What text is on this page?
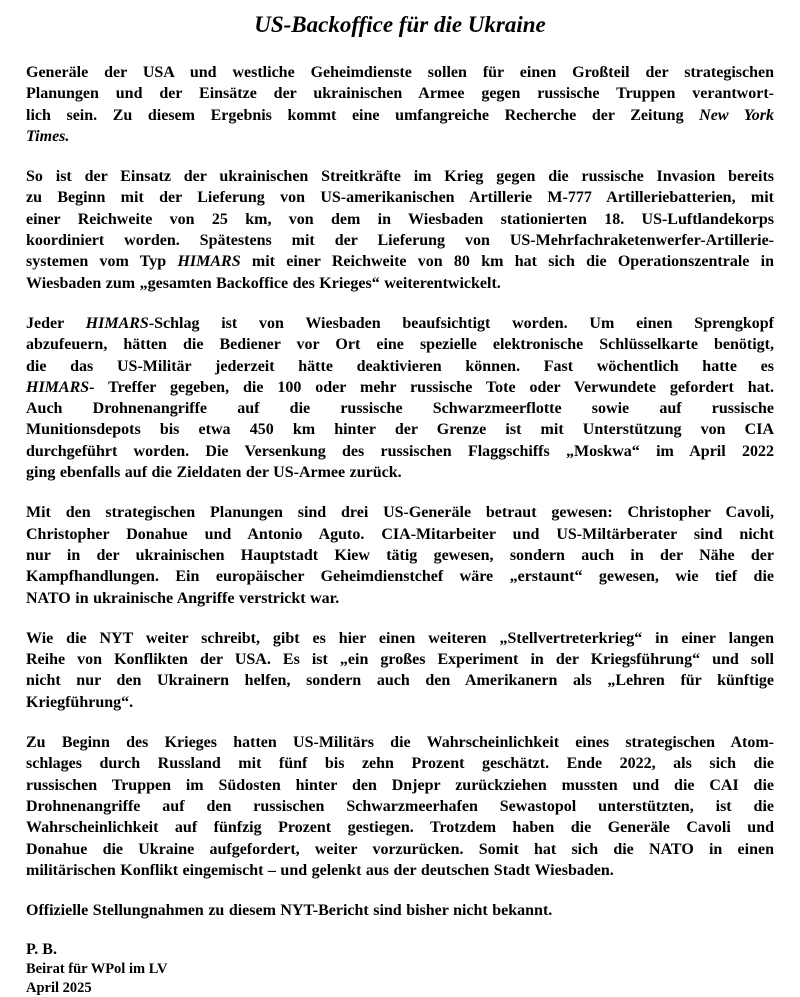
US-Backoffice für die Ukraine

Generäle der USA und westliche Geheimdienste sollen für einen Großteil der strategischen
Planungen und der Einsätze der ukrainischen Armee gegen russische Truppen verantwort-
lich sein. Zu diesem Ergebnis kommt eine umfangreiche Recherche der Zeitung New York
Times.

So ist der Einsatz der ukrainischen Streitkräfte im Krieg gegen die russische Invasion bereits
zu Beginn mit der Lieferung von US-amerikanischen Artillerie M-777 Artilleriebatterien, mit
einer Reichweite von 25 km, von dem in Wiesbaden stationierten 18. US-Luftlandekorps
koordiniert worden. Spätestens mit der Lieferung von US-Mehrfachraketenwerfer-Artillerie-
systemen vom Typ HIMARS mit einer Reichweite von 80 km hat sich die Operationszentrale in
Wiesbaden zum „gesamten Backoffice des Krieges“ weiterentwickelt.

Jeder HIMARS-Schlag ist von Wiesbaden beaufsichtigt worden. Um einen Sprengkopf
abzufeuern, hätten die Bediener vor Ort eine spezielle elektronische Schlüsselkarte benötigt,
die das US-Militär jederzeit hätte deaktivieren können. Fast wöchentlich hatte es
HIMARS- Treffer gegeben, die 100 oder mehr russische Tote oder Verwundete gefordert hat.
Auch Drohnenangriffe auf die russische Schwarzmeerflotte sowie auf russische
Munitionsdepots bis etwa 450 km hinter der Grenze ist mit Unterstützung von CIA
durchgeführt worden. Die Versenkung des russischen Flaggschiffs „Moskwa“ im April 2022
ging ebenfalls auf die Zieldaten der US-Armee zurück.

Mit den strategischen Planungen sind drei US-Generäle betraut gewesen: Christopher Cavoli,
Christopher Donahue und Antonio Aguto. CIA-Mitarbeiter und US-Miltärberater sind nicht
nur in der ukrainischen Hauptstadt Kiew tätig gewesen, sondern auch in der Nähe der
Kampfhandlungen. Ein europäischer Geheimdienstchef wäre „erstaunt“ gewesen, wie tief die
NATO in ukrainische Angriffe verstrickt war.

Wie die NYT weiter schreibt, gibt es hier einen weiteren „Stellvertreterkrieg“ in einer langen
Reihe von Konflikten der USA. Es ist „ein großes Experiment in der Kriegsführung“ und soll
nicht nur den Ukrainern helfen, sondern auch den Amerikanern als „Lehren für künftige
Kriegführung“.

Zu Beginn des Krieges hatten US-Militärs die Wahrscheinlichkeit eines strategischen Atom-
schlages durch Russland mit fünf bis zehn Prozent geschätzt. Ende 2022, als sich die
russischen Truppen im Südosten hinter den Dnjepr zurückziehen mussten und die CAI die
Drohnenangriffe auf den russischen Schwarzmeerhafen Sewastopol unterstützten, ist die
Wahrscheinlichkeit auf fünfzig Prozent gestiegen. Trotzdem haben die Generäle Cavoli und
Donahue die Ukraine aufgefordert, weiter vorzurücken. Somit hat sich die NATO in einen
militärischen Konflikt eingemischt – und gelenkt aus der deutschen Stadt Wiesbaden.

Offizielle Stellungnahmen zu diesem NYT-Bericht sind bisher nicht bekannt.

P. B.
Beirat für WPol im LV
April 2025
